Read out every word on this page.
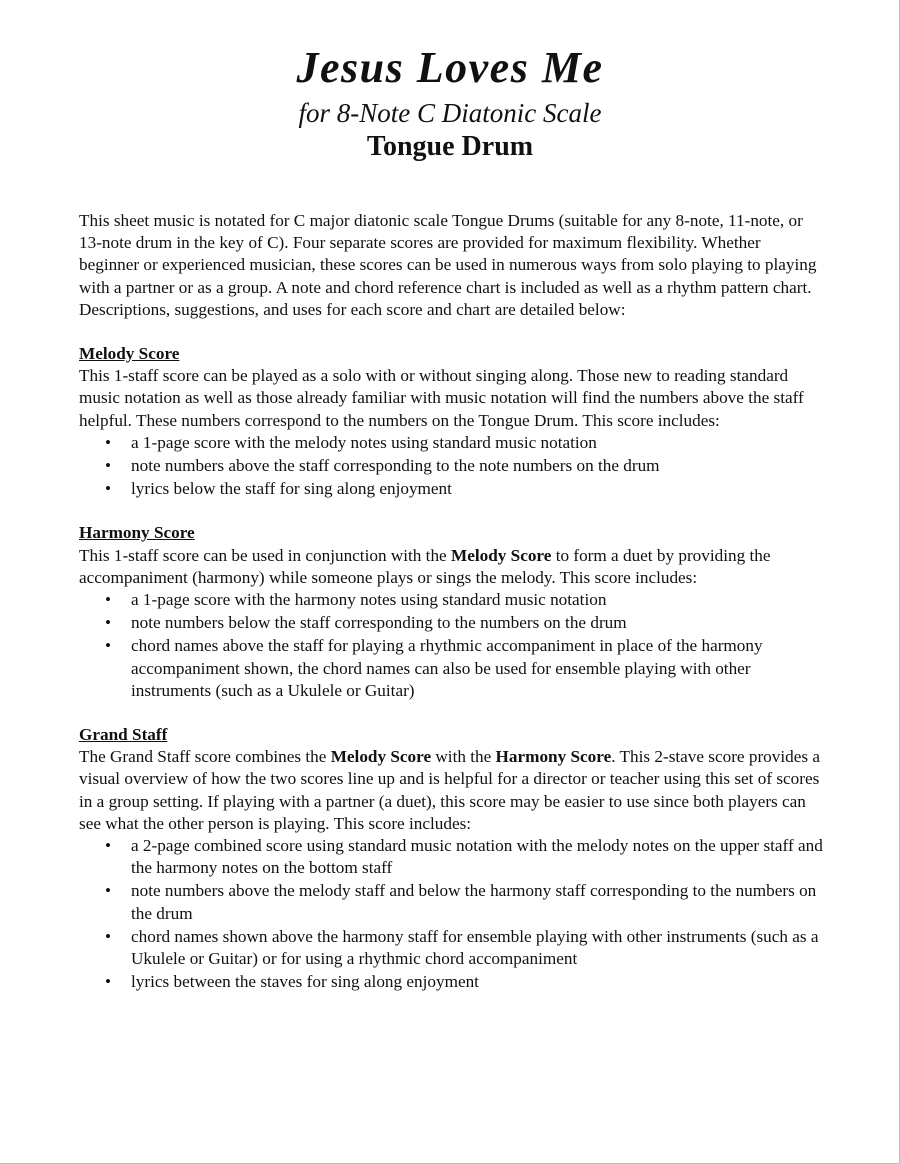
Jesus Loves Me
for 8-Note C Diatonic Scale
Tongue Drum

This sheet music is notated for C major diatonic scale Tongue Drums (suitable for any 8-note, 11-note, or 13-note drum in the key of C). Four separate scores are provided for maximum flexibility. Whether beginner or experienced musician, these scores can be used in numerous ways from solo playing to playing with a partner or as a group. A note and chord reference chart is included as well as a rhythm pattern chart. Descriptions, suggestions, and uses for each score and chart are detailed below:

Melody Score

This 1-staff score can be played as a solo with or without singing along. Those new to reading standard music notation as well as those already familiar with music notation will find the numbers above the staff helpful. These numbers correspond to the numbers on the Tongue Drum. This score includes:

• a 1-page score with the melody notes using standard music notation
• note numbers above the staff corresponding to the note numbers on the drum
• lyrics below the staff for sing along enjoyment

Harmony Score

This 1-staff score can be used in conjunction with the Melody Score to form a duet by providing the accompaniment (harmony) while someone plays or sings the melody. This score includes:

• a 1-page score with the harmony notes using standard music notation
• note numbers below the staff corresponding to the numbers on the drum
• chord names above the staff for playing a rhythmic accompaniment in place of the harmony accompaniment shown, the chord names can also be used for ensemble playing with other instruments (such as a Ukulele or Guitar)

Grand Staff

The Grand Staff score combines the Melody Score with the Harmony Score. This 2-stave score provides a visual overview of how the two scores line up and is helpful for a director or teacher using this set of scores in a group setting. If playing with a partner (a duet), this score may be easier to use since both players can see what the other person is playing. This score includes:

• a 2-page combined score using standard music notation with the melody notes on the upper staff and the harmony notes on the bottom staff
• note numbers above the melody staff and below the harmony staff corresponding to the numbers on the drum
• chord names shown above the harmony staff for ensemble playing with other instruments (such as a Ukulele or Guitar) or for using a rhythmic chord accompaniment
• lyrics between the staves for sing along enjoyment
